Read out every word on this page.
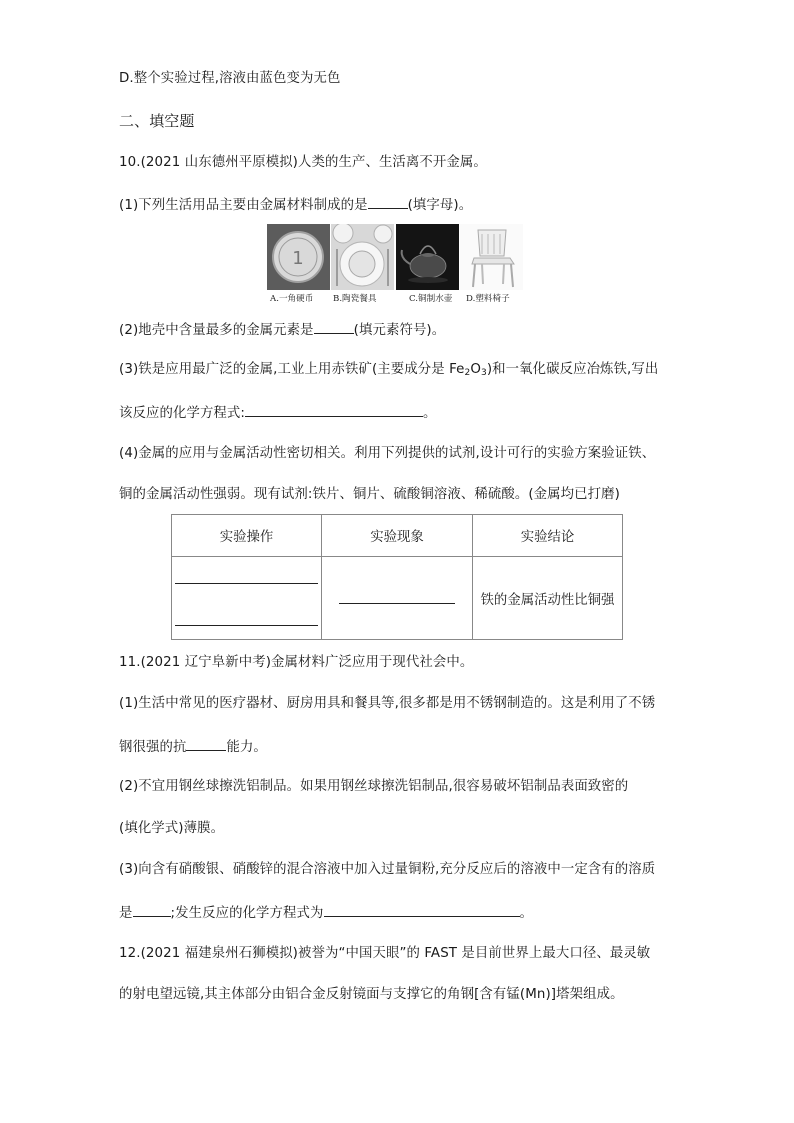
D.整个实验过程,溶液由蓝色变为无色
二、填空题
10.(2021 山东德州平原模拟)人类的生产、生活离不开金属。
(1)下列生活用品主要由金属材料制成的是	(填字母)。
1
A.一角硬币 B.陶瓷餐具	C.铜制水壶 D.塑料椅子
(2)地壳中含量最多的金属元素是	(填元素符号)。
(3)铁是应用最广泛的金属,工业上用赤铁矿(主要成分是 $Fe_2O_3$)和一氧化碳反应冶炼铁,写出
该反应的化学方程式:	。
(4)金属的应用与金属活动性密切相关。利用下列提供的试剂,设计可行的实验方案验证铁、
铜的金属活动性强弱。现有试剂:铁片、铜片、硫酸铜溶液、稀硫酸。(金属均已打磨)
实验操作	实验现象	实验结论
		铁的金属活动性比铜强
11.(2021 辽宁阜新中考)金属材料广泛应用于现代社会中。
(1)生活中常见的医疗器材、厨房用具和餐具等,很多都是用不锈钢制造的。这是利用了不锈
钢很强的抗	能力。
(2)不宜用钢丝球擦洗铝制品。如果用钢丝球擦洗铝制品,很容易破坏铝制品表面致密的
(填化学式)薄膜。
(3)向含有硝酸银、硝酸锌的混合溶液中加入过量铜粉,充分反应后的溶液中一定含有的溶质
是	;发生反应的化学方程式为	。
12.(2021 福建泉州石狮模拟)被誉为“中国天眼”的 FAST 是目前世界上最大口径、最灵敏
的射电望远镜,其主体部分由铝合金反射镜面与支撑它的角钢[含有锰(Mn)]塔架组成。
